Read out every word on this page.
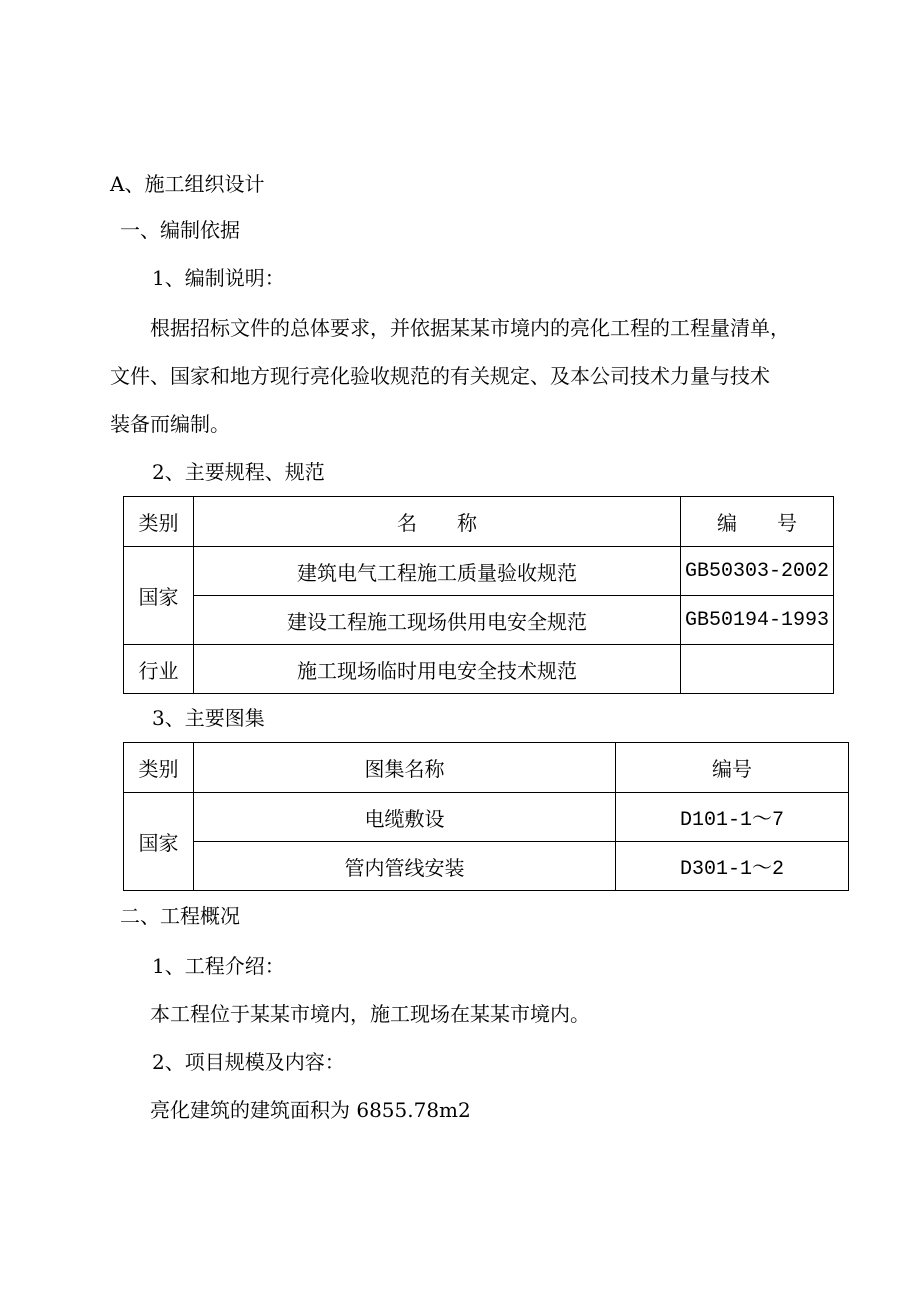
A、施工组织设计
一、编制依据
1、编制说明：
根据招标文件的总体要求，并依据某某市境内的亮化工程的工程量清单，
文件、国家和地方现行亮化验收规范的有关规定、及本公司技术力量与技术
装备而编制。
2、主要规程、规范
类别	名　　称	编　　号
国家	建筑电气工程施工质量验收规范	GB50303-2002
	建设工程施工现场供用电安全规范	GB50194-1993
行业	施工现场临时用电安全技术规范	
3、主要图集
类别	图集名称	编号
国家	电缆敷设	D101-1～7
	管内管线安装	D301-1～2
二、工程概况
1、工程介绍：
本工程位于某某市境内，施工现场在某某市境内。
2、项目规模及内容：
亮化建筑的建筑面积为 6855.78m2
